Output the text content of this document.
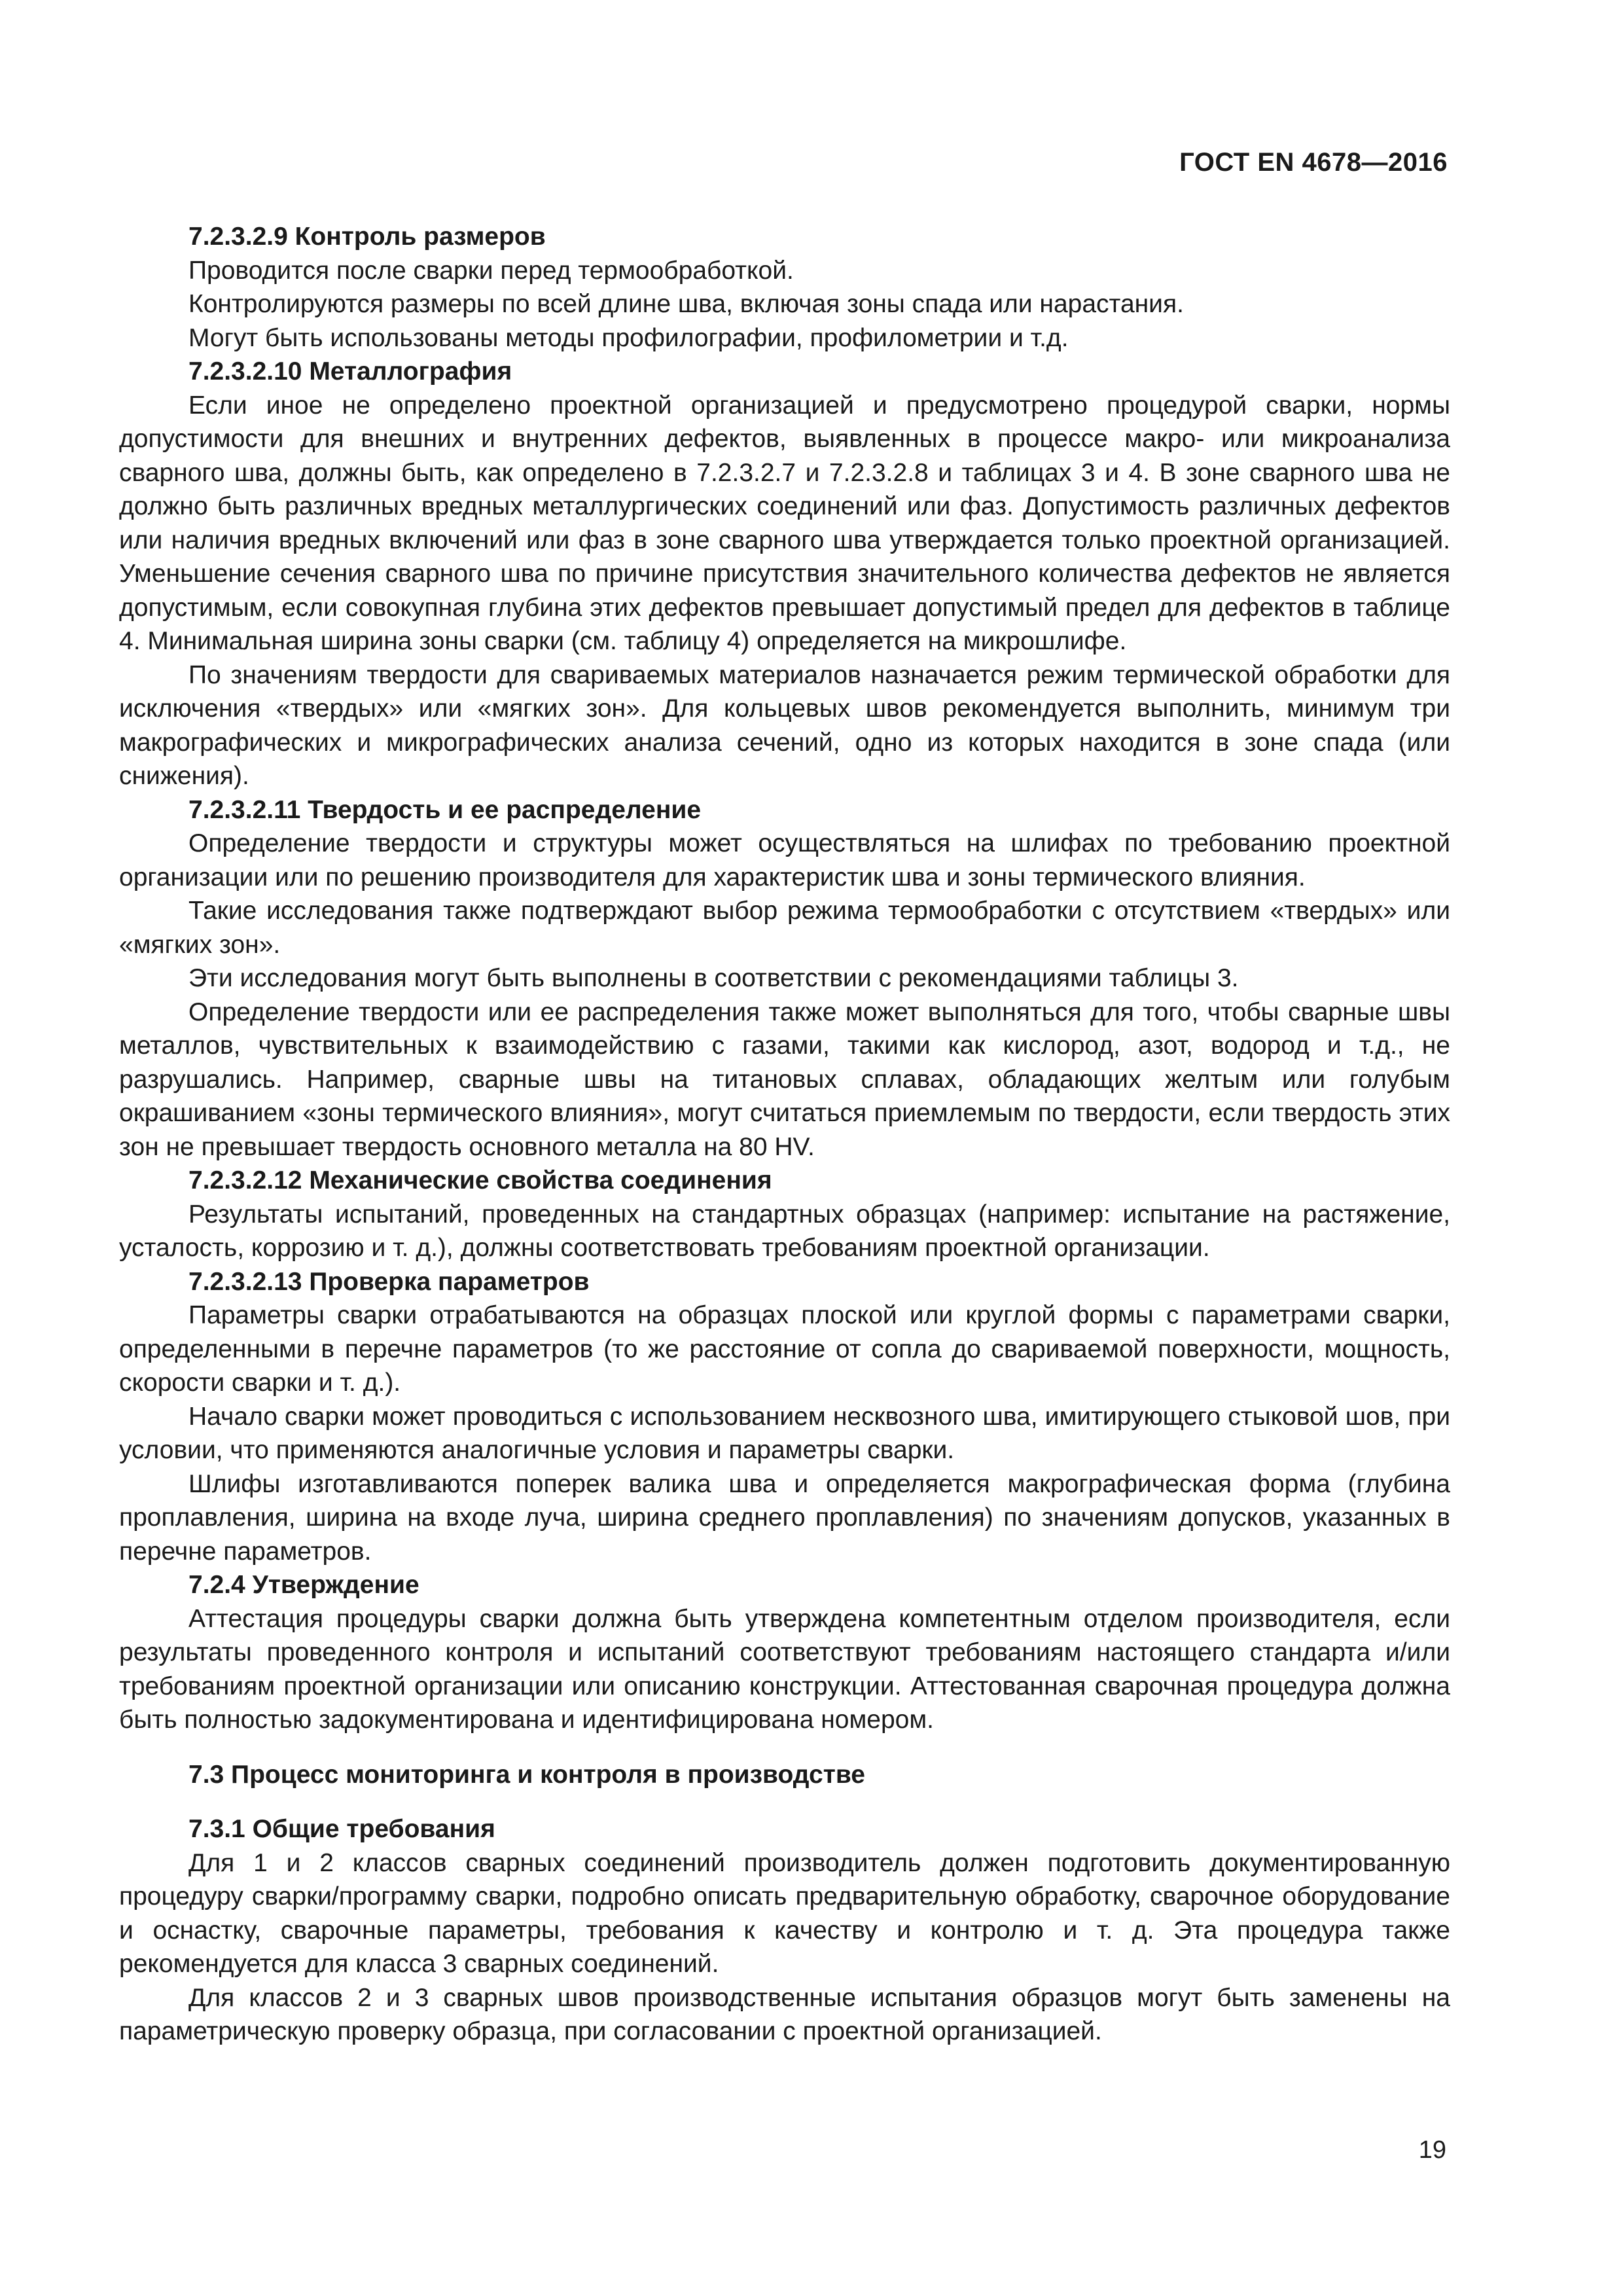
ГОСТ EN 4678—2016
7.2.3.2.9 Контроль размеров

Проводится после сварки перед термообработкой.

Контролируются размеры по всей длине шва, включая зоны спада или нарастания.

Могут быть использованы методы профилографии, профилометрии и т.д.

7.2.3.2.10 Металлография

Если иное не определено проектной организацией и предусмотрено процедурой сварки, нормы допустимости для внешних и внутренних дефектов, выявленных в процессе макро- или микроанализа сварного шва, должны быть, как определено в 7.2.3.2.7 и 7.2.3.2.8 и таблицах 3 и 4. В зоне сварного шва не должно быть различных вредных металлургических соединений или фаз. Допустимость различных дефектов или наличия вредных включений или фаз в зоне сварного шва утверждается только проектной организацией. Уменьшение сечения сварного шва по причине присутствия значительного количества дефектов не является допустимым, если совокупная глубина этих дефектов превышает допустимый предел для дефектов в таблице 4. Минимальная ширина зоны сварки (см. таблицу 4) определяется на микрошлифе.

По значениям твердости для свариваемых материалов назначается режим термической обработки для исключения «твердых» или «мягких зон». Для кольцевых швов рекомендуется выполнить, минимум три макрографических и микрографических анализа сечений, одно из которых находится в зоне спада (или снижения).

7.2.3.2.11 Твердость и ее распределение

Определение твердости и структуры может осуществляться на шлифах по требованию проектной организации или по решению производителя для характеристик шва и зоны термического влияния.

Такие исследования также подтверждают выбор режима термообработки с отсутствием «твердых» или «мягких зон».

Эти исследования могут быть выполнены в соответствии с рекомендациями таблицы 3.

Определение твердости или ее распределения также может выполняться для того, чтобы сварные швы металлов, чувствительных к взаимодействию с газами, такими как кислород, азот, водород и т.д., не разрушались. Например, сварные швы на титановых сплавах, обладающих желтым или голубым окрашиванием «зоны термического влияния», могут считаться приемлемым по твердости, если твердость этих зон не превышает твердость основного металла на 80 HV.

7.2.3.2.12 Механические свойства соединения

Результаты испытаний, проведенных на стандартных образцах (например: испытание на растяжение, усталость, коррозию и т. д.), должны соответствовать требованиям проектной организации.

7.2.3.2.13 Проверка параметров

Параметры сварки отрабатываются на образцах плоской или круглой формы с параметрами сварки, определенными в перечне параметров (то же расстояние от сопла до свариваемой поверхности, мощность, скорости сварки и т. д.).

Начало сварки может проводиться с использованием несквозного шва, имитирующего стыковой шов, при условии, что применяются аналогичные условия и параметры сварки.

Шлифы изготавливаются поперек валика шва и определяется макрографическая форма (глубина проплавления, ширина на входе луча, ширина среднего проплавления) по значениям допусков, указанных в перечне параметров.

7.2.4 Утверждение

Аттестация процедуры сварки должна быть утверждена компетентным отделом производителя, если результаты проведенного контроля и испытаний соответствуют требованиям настоящего стандарта и/или требованиям проектной организации или описанию конструкции. Аттестованная сварочная процедура должна быть полностью задокументирована и идентифицирована номером.

7.3 Процесс мониторинга и контроля в производстве
7.3.1 Общие требования

Для 1 и 2 классов сварных соединений производитель должен подготовить документированную процедуру сварки/программу сварки, подробно описать предварительную обработку, сварочное оборудование и оснастку, сварочные параметры, требования к качеству и контролю и т. д. Эта процедура также рекомендуется для класса 3 сварных соединений.

Для классов 2 и 3 сварных швов производственные испытания образцов могут быть заменены на параметрическую проверку образца, при согласовании с проектной организацией.

19
